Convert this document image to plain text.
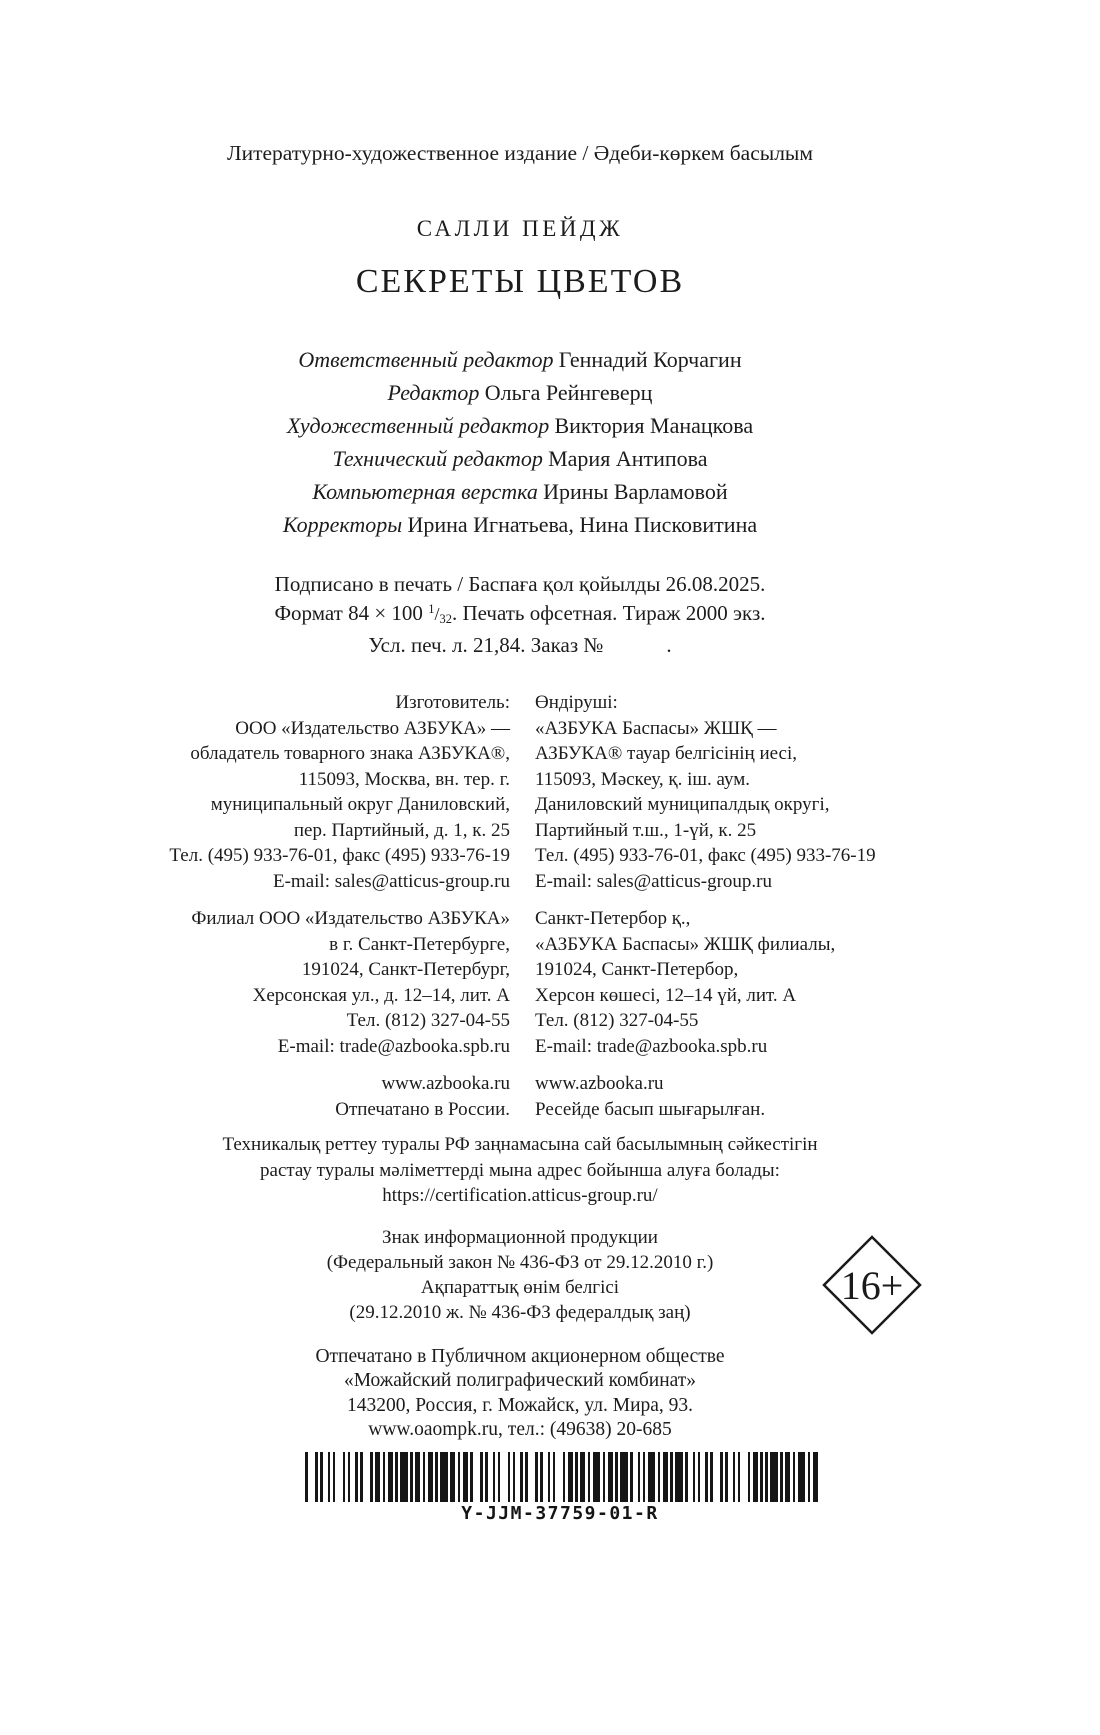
Литературно-художественное издание / Әдеби-көркем басылым
САЛЛИ ПЕЙДЖ
СЕКРЕТЫ ЦВЕТОВ
Ответственный редактор Геннадий Корчагин
Редактор Ольга Рейнгеверц
Художественный редактор Виктория Манацкова
Технический редактор Мария Антипова
Компьютерная верстка Ирины Варламовой
Корректоры Ирина Игнатьева, Нина Писковитина
Подписано в печать / Баспаға қол қойылды 26.08.2025.
Формат 84 × 100 $^1/_{32}$. Печать офсетная. Тираж 2000 экз.
Усл. печ. л. 21,84. Заказ №            .
Изготовитель:
ООО «Издательство АЗБУКА» —
обладатель товарного знака АЗБУКА®,
115093, Москва, вн. тер. г.
муниципальный округ Даниловский,
пер. Партийный, д. 1, к. 25
Тел. (495) 933-76-01, факс (495) 933-76-19
E-mail: sales@atticus-group.ru
Филиал ООО «Издательство АЗБУКА»
в г. Санкт-Петербурге,
191024, Санкт-Петербург,
Херсонская ул., д. 12–14, лит. А
Тел. (812) 327-04-55
E-mail: trade@azbooka.spb.ru
www.azbooka.ru
Отпечатано в России.
Өндіруші:
«АЗБУКА Баспасы» ЖШҚ —
АЗБУКА® тауар белгісінің иесі,
115093, Мәскеу, қ. іш. аум.
Даниловский муниципалдық округі,
Партийный т.ш., 1-үй, к. 25
Тел. (495) 933-76-01, факс (495) 933-76-19
E-mail: sales@atticus-group.ru
Санкт-Петербор қ.,
«АЗБУКА Баспасы» ЖШҚ филиалы,
191024, Санкт-Петербор,
Херсон көшесі, 12–14 үй, лит. А
Тел. (812) 327-04-55
E-mail: trade@azbooka.spb.ru
www.azbooka.ru
Ресейде басып шығарылған.
Техникалық реттеу туралы РФ заңнамасына сай басылымның сәйкестігін
растау туралы мәліметтерді мына адрес бойынша алуға болады:
https://certification.atticus-group.ru/
Знак информационной продукции
(Федеральный закон № 436-ФЗ от 29.12.2010 г.)
Ақпараттық өнім белгісі
(29.12.2010 ж. № 436-ФЗ федералдық заң)
16+
Отпечатано в Публичном акционерном обществе
«Можайский полиграфический комбинат»
143200, Россия, г. Можайск, ул. Мира, 93.
www.oaompk.ru, тел.: (49638) 20-685
Y-JJM-37759-01-R
